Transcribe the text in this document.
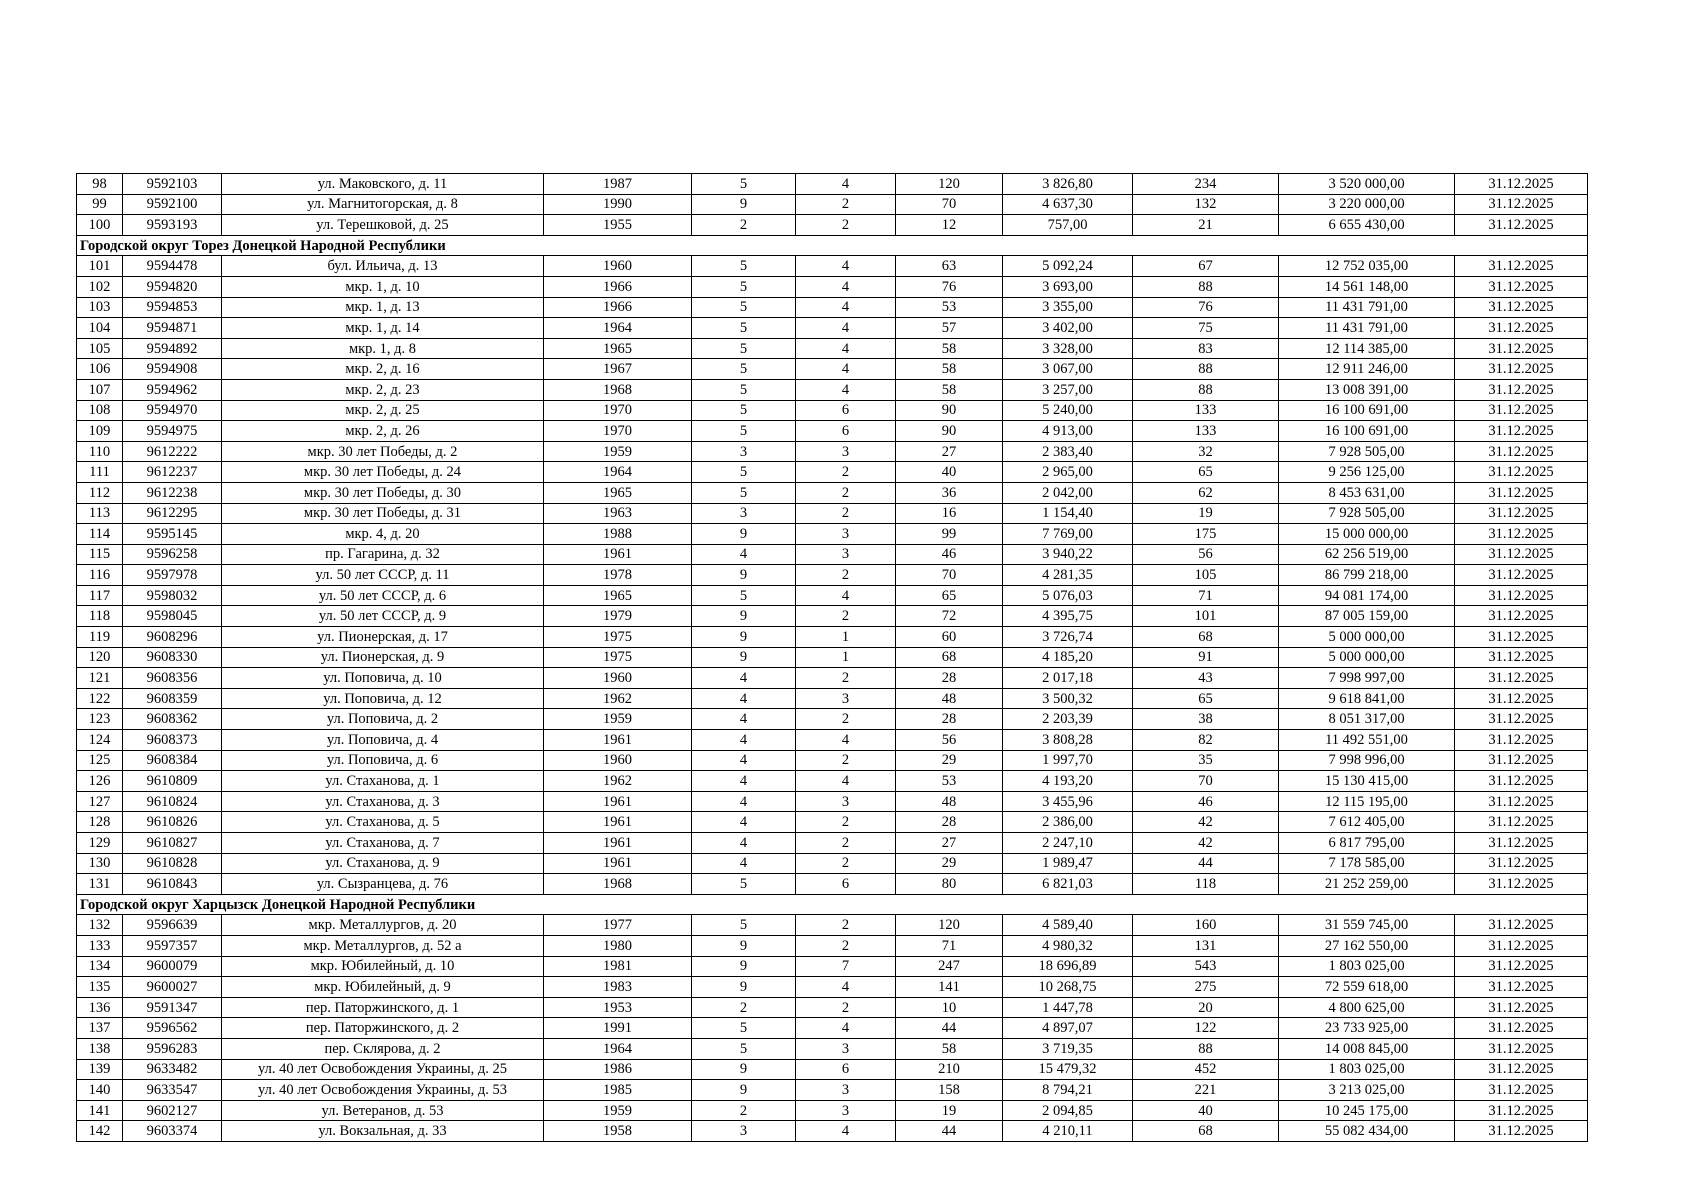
98	9592103	ул. Маковского, д. 11	1987	5	4	120	3 826,80	234	3 520 000,00	31.12.2025
99	9592100	ул. Магнитогорская, д. 8	1990	9	2	70	4 637,30	132	3 220 000,00	31.12.2025
100	9593193	ул. Терешковой, д. 25	1955	2	2	12	757,00	21	6 655 430,00	31.12.2025
Городской округ Торез Донецкой Народной Республики										
101	9594478	бул. Ильича, д. 13	1960	5	4	63	5 092,24	67	12 752 035,00	31.12.2025
102	9594820	мкр. 1, д. 10	1966	5	4	76	3 693,00	88	14 561 148,00	31.12.2025
103	9594853	мкр. 1, д. 13	1966	5	4	53	3 355,00	76	11 431 791,00	31.12.2025
104	9594871	мкр. 1, д. 14	1964	5	4	57	3 402,00	75	11 431 791,00	31.12.2025
105	9594892	мкр. 1, д. 8	1965	5	4	58	3 328,00	83	12 114 385,00	31.12.2025
106	9594908	мкр. 2, д. 16	1967	5	4	58	3 067,00	88	12 911 246,00	31.12.2025
107	9594962	мкр. 2, д. 23	1968	5	4	58	3 257,00	88	13 008 391,00	31.12.2025
108	9594970	мкр. 2, д. 25	1970	5	6	90	5 240,00	133	16 100 691,00	31.12.2025
109	9594975	мкр. 2, д. 26	1970	5	6	90	4 913,00	133	16 100 691,00	31.12.2025
110	9612222	мкр. 30 лет Победы, д. 2	1959	3	3	27	2 383,40	32	7 928 505,00	31.12.2025
111	9612237	мкр. 30 лет Победы, д. 24	1964	5	2	40	2 965,00	65	9 256 125,00	31.12.2025
112	9612238	мкр. 30 лет Победы, д. 30	1965	5	2	36	2 042,00	62	8 453 631,00	31.12.2025
113	9612295	мкр. 30 лет Победы, д. 31	1963	3	2	16	1 154,40	19	7 928 505,00	31.12.2025
114	9595145	мкр. 4, д. 20	1988	9	3	99	7 769,00	175	15 000 000,00	31.12.2025
115	9596258	пр. Гагарина, д. 32	1961	4	3	46	3 940,22	56	62 256 519,00	31.12.2025
116	9597978	ул. 50 лет СССР, д. 11	1978	9	2	70	4 281,35	105	86 799 218,00	31.12.2025
117	9598032	ул. 50 лет СССР, д. 6	1965	5	4	65	5 076,03	71	94 081 174,00	31.12.2025
118	9598045	ул. 50 лет СССР, д. 9	1979	9	2	72	4 395,75	101	87 005 159,00	31.12.2025
119	9608296	ул. Пионерская, д. 17	1975	9	1	60	3 726,74	68	5 000 000,00	31.12.2025
120	9608330	ул. Пионерская, д. 9	1975	9	1	68	4 185,20	91	5 000 000,00	31.12.2025
121	9608356	ул. Поповича, д. 10	1960	4	2	28	2 017,18	43	7 998 997,00	31.12.2025
122	9608359	ул. Поповича, д. 12	1962	4	3	48	3 500,32	65	9 618 841,00	31.12.2025
123	9608362	ул. Поповича, д. 2	1959	4	2	28	2 203,39	38	8 051 317,00	31.12.2025
124	9608373	ул. Поповича, д. 4	1961	4	4	56	3 808,28	82	11 492 551,00	31.12.2025
125	9608384	ул. Поповича, д. 6	1960	4	2	29	1 997,70	35	7 998 996,00	31.12.2025
126	9610809	ул. Стаханова, д. 1	1962	4	4	53	4 193,20	70	15 130 415,00	31.12.2025
127	9610824	ул. Стаханова, д. 3	1961	4	3	48	3 455,96	46	12 115 195,00	31.12.2025
128	9610826	ул. Стаханова, д. 5	1961	4	2	28	2 386,00	42	7 612 405,00	31.12.2025
129	9610827	ул. Стаханова, д. 7	1961	4	2	27	2 247,10	42	6 817 795,00	31.12.2025
130	9610828	ул. Стаханова, д. 9	1961	4	2	29	1 989,47	44	7 178 585,00	31.12.2025
131	9610843	ул. Сызранцева, д. 76	1968	5	6	80	6 821,03	118	21 252 259,00	31.12.2025
Городской округ Харцызск Донецкой Народной Республики										
132	9596639	мкр. Металлургов, д. 20	1977	5	2	120	4 589,40	160	31 559 745,00	31.12.2025
133	9597357	мкр. Металлургов, д. 52 а	1980	9	2	71	4 980,32	131	27 162 550,00	31.12.2025
134	9600079	мкр. Юбилейный, д. 10	1981	9	7	247	18 696,89	543	1 803 025,00	31.12.2025
135	9600027	мкр. Юбилейный, д. 9	1983	9	4	141	10 268,75	275	72 559 618,00	31.12.2025
136	9591347	пер. Паторжинского, д. 1	1953	2	2	10	1 447,78	20	4 800 625,00	31.12.2025
137	9596562	пер. Паторжинского, д. 2	1991	5	4	44	4 897,07	122	23 733 925,00	31.12.2025
138	9596283	пер. Склярова, д. 2	1964	5	3	58	3 719,35	88	14 008 845,00	31.12.2025
139	9633482	ул. 40 лет Освобождения Украины, д. 25	1986	9	6	210	15 479,32	452	1 803 025,00	31.12.2025
140	9633547	ул. 40 лет Освобождения Украины, д. 53	1985	9	3	158	8 794,21	221	3 213 025,00	31.12.2025
141	9602127	ул. Ветеранов, д. 53	1959	2	3	19	2 094,85	40	10 245 175,00	31.12.2025
142	9603374	ул. Вокзальная, д. 33	1958	3	4	44	4 210,11	68	55 082 434,00	31.12.2025
